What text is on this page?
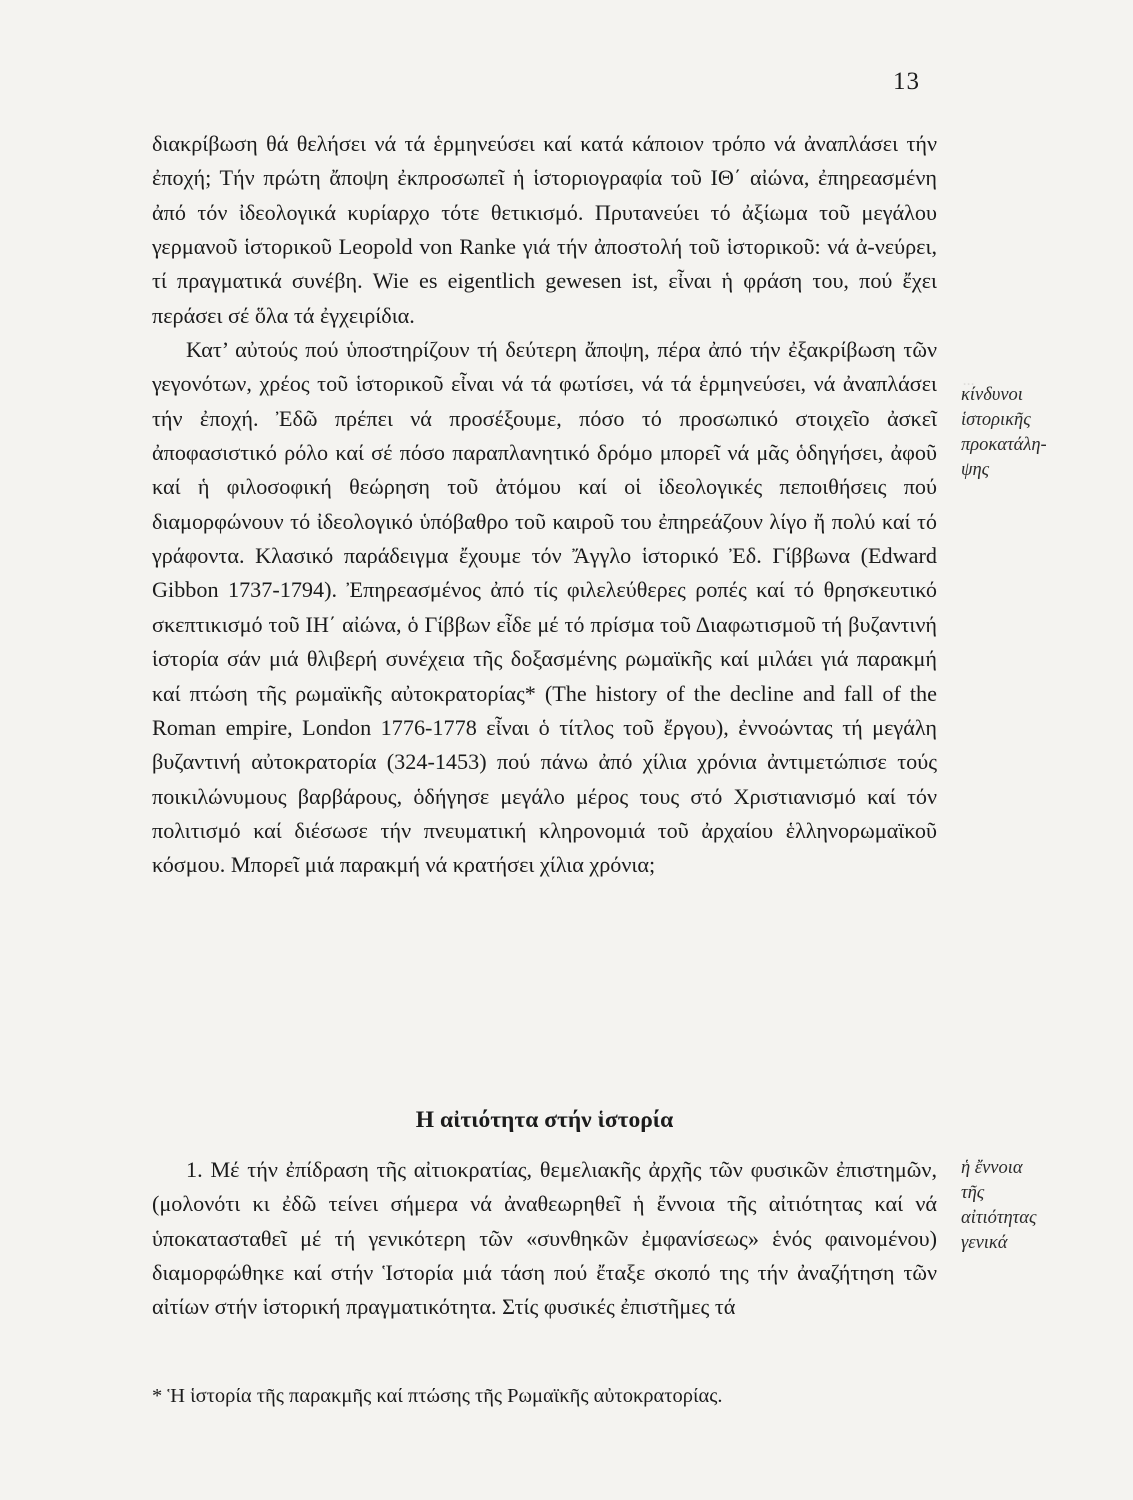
...
13

διακρίβωση θά θελήσει νά τά ἑρμηνεύσει καί κατά κάποιον τρόπο νά ἀναπλάσει τήν ἐποχή; Τήν πρώτη ἄποψη ἐκπροσωπεῖ ἡ ἱστοριογραφία τοῦ ΙΘ΄ αἰώνα, ἐπηρεασμένη ἀπό τόν ἰδεολογικά κυρίαρχο τότε θετικισμό. Πρυτανεύει τό ἀξίωμα τοῦ μεγάλου γερμανοῦ ἱστορικοῦ Leopold von Ranke γιά τήν ἀποστολή τοῦ ἱστορικοῦ: νά ἀ-νεύρει, τί πραγματικά συνέβη. Wie es eigentlich gewesen ist, εἶναι ἡ φράση του, πού ἔχει περάσει σέ ὅλα τά ἐγχειρίδια.

Κατ’ αὐτούς πού ὑποστηρίζουν τή δεύτερη ἄποψη, πέρα ἀπό τήν ἐξακρίβωση τῶν γεγονότων, χρέος τοῦ ἱστορικοῦ εἶναι νά τά φωτίσει, νά τά ἑρμηνεύσει, νά ἀναπλάσει τήν ἐποχή. Ἐδῶ πρέπει νά προσέξουμε, πόσο τό προσωπικό στοιχεῖο ἀσκεῖ ἀποφασιστικό ρόλο καί σέ πόσο παραπλανητικό δρόμο μπορεῖ νά μᾶς ὁδηγήσει, ἀφοῦ καί ἡ φιλοσοφική θεώρηση τοῦ ἀτόμου καί οἱ ἰδεολογικές πεποιθήσεις πού διαμορφώνουν τό ἰδεολογικό ὑπόβαθρο τοῦ καιροῦ του ἐπηρεάζουν λίγο ἤ πολύ καί τό γράφοντα. Κλασικό παράδειγμα ἔχουμε τόν Ἄγγλο ἱστορικό Ἐδ. Γίββωνα (Edward Gibbon 1737-1794). Ἐπηρεασμένος ἀπό τίς φιλελεύθερες ροπές καί τό θρησκευτικό σκεπτικισμό τοῦ ΙΗ΄ αἰώνα, ὁ Γίββων εἶδε μέ τό πρίσμα τοῦ Διαφωτισμοῦ τή βυζαντινή ἱστορία σάν μιά θλιβερή συνέχεια τῆς δοξασμένης ρωμαϊκῆς καί μιλάει γιά παρακμή καί πτώση τῆς ρωμαϊκῆς αὐτοκρατορίας* (The history of the decline and fall of the Roman empire, London 1776-1778 εἶναι ὁ τίτλος τοῦ ἔργου), ἐννοώντας τή μεγάλη βυζαντινή αὐτοκρατορία (324-1453) πού πάνω ἀπό χίλια χρόνια ἀντιμετώπισε τούς ποικιλώνυμους βαρβάρους, ὁδήγησε μεγάλο μέρος τους στό Χριστιανισμό καί τόν πολιτισμό καί διέσωσε τήν πνευματική κληρονομιά τοῦ ἀρχαίου ἑλληνορωμαϊκοῦ κόσμου. Μπορεῖ μιά παρακμή νά κρατήσει χίλια χρόνια;

κίνδυνοι
ἱστορικῆς
προκατάλη-
ψης
Η αἰτιότητα στήν ἱστορία

1. Μέ τήν ἐπίδραση τῆς αἰτιοκρατίας, θεμελιακῆς ἀρχῆς τῶν φυσικῶν ἐπιστημῶν, (μολονότι κι ἐδῶ τείνει σήμερα νά ἀναθεωρηθεῖ ἡ ἔννοια τῆς αἰτιότητας καί νά ὑποκατασταθεῖ μέ τή γενικότερη τῶν «συνθηκῶν ἐμφανίσεως» ἑνός φαινομένου) διαμορφώθηκε καί στήν Ἱστορία μιά τάση πού ἔταξε σκοπό της τήν ἀναζήτηση τῶν αἰτίων στήν ἱστορική πραγματικότητα. Στίς φυσικές ἐπιστῆμες τά

ἡ ἔννοια
τῆς
αἰτιότητας
γενικά
* Ἡ ἱστορία τῆς παρακμῆς καί πτώσης τῆς Ρωμαϊκῆς αὐτοκρατορίας.
